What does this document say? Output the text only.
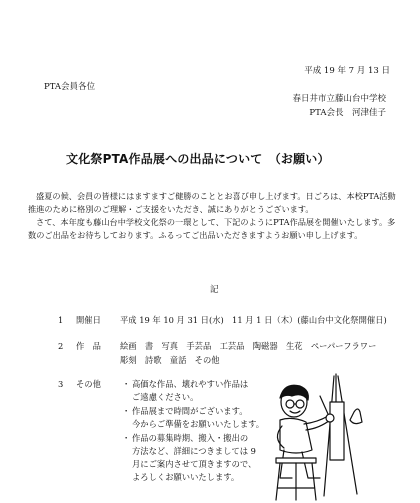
平成 19 年 7 月 13 日
PTA会員各位
春日井市立藤山台中学校
PTA会長　河津佳子
文化祭PTA作品展への出品について　（お願い）
盛夏の候、会員の皆様にはますますご健勝のこととお喜び申し上げます。日ごろは、本校PTA活動推進のために格別のご理解・ご支援をいただき、誠にありがとうございます。
さて、本年度も藤山台中学校文化祭の一環として、下記のようにPTA作品展を開催いたします。多数のご出品をお待ちしております。ふるってご出品いただきますようお願い申し上げます。
記
1 開催日 平成 19 年 10 月 31 日(水)　11 月 1 日（木）(藤山台中文化祭開催日)
2 作　品 絵画　書　写真　手芸品　工芸品　陶磁器　生花　ペーパーフラワー
彫刻　詩歌　童話　その他
3 その他	・ 高価な作品、壊れやすい作品は
ご遠慮ください。
・ 作品展まで時間がございます。
今からご準備をお願いいたします。
・ 作品の募集時期、搬入・搬出の
方法など、詳細につきましては 9
月にご案内させて頂きますので、
よろしくお願いいたします。
